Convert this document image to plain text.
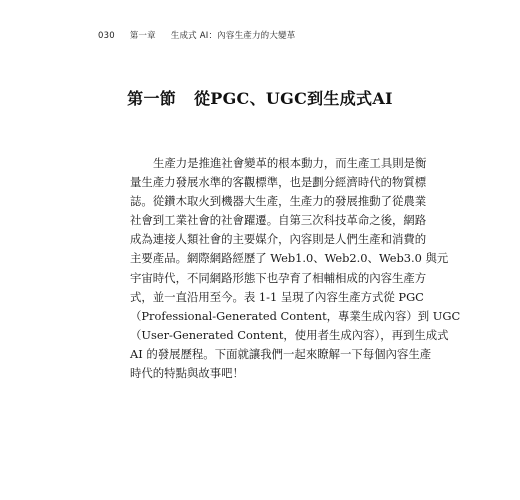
030 第一章 生成式 AI：內容生產力的大變革
第一節 從PGC、UGC到生成式AI
生產力是推進社會變革的根本動力，而生產工具則是衡
量生產力發展水準的客觀標準，也是劃分經濟時代的物質標
誌。從鑽木取火到機器大生產，生產力的發展推動了從農業
社會到工業社會的社會躍遷。自第三次科技革命之後，網路
成為連接人類社會的主要媒介，內容則是人們生產和消費的
主要產品。網際網路經歷了 Web1.0、Web2.0、Web3.0 與元
宇宙時代，不同網路形態下也孕育了相輔相成的內容生產方
式，並一直沿用至今。表 1-1 呈現了內容生產方式從 PGC
（Professional-Generated Content，專業生成內容）到 UGC
（User-Generated Content，使用者生成內容），再到生成式
AI 的發展歷程。下面就讓我們一起來瞭解一下每個內容生產
時代的特點與故事吧！
